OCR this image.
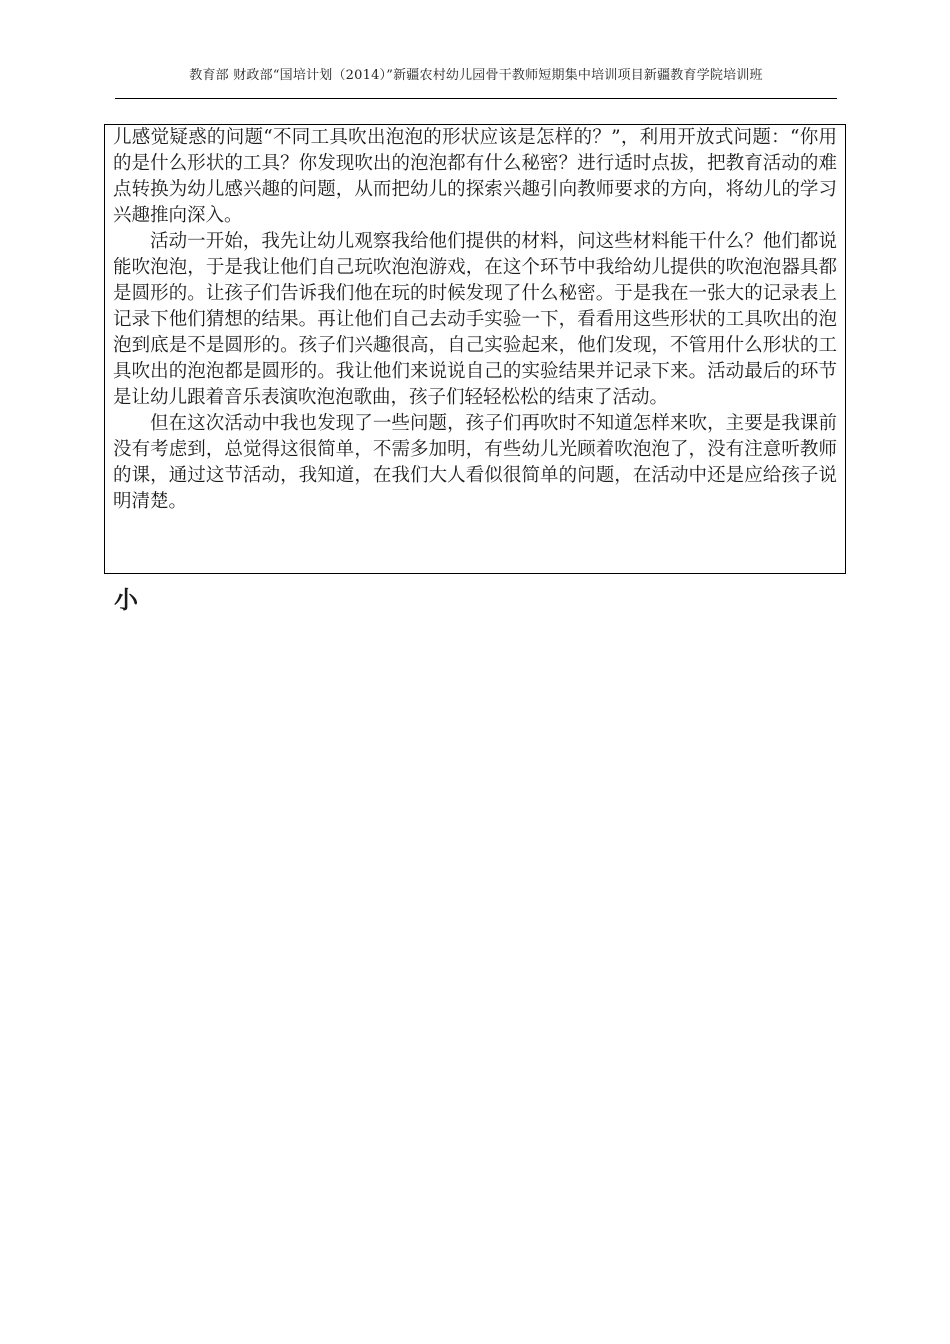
教育部 财政部“国培计划（2014）”新疆农村幼儿园骨干教师短期集中培训项目新疆教育学院培训班

儿感觉疑惑的问题“不同工具吹出泡泡的形状应该是怎样的？”，利用开放式问题：“你用的是什么形状的工具？你发现吹出的泡泡都有什么秘密？进行适时点拔，把教育活动的难点转换为幼儿感兴趣的问题，从而把幼儿的探索兴趣引向教师要求的方向，将幼儿的学习兴趣推向深入。

活动一开始，我先让幼儿观察我给他们提供的材料，问这些材料能干什么？他们都说能吹泡泡，于是我让他们自己玩吹泡泡游戏，在这个环节中我给幼儿提供的吹泡泡器具都是圆形的。让孩子们告诉我们他在玩的时候发现了什么秘密。于是我在一张大的记录表上记录下他们猜想的结果。再让他们自己去动手实验一下，看看用这些形状的工具吹出的泡泡到底是不是圆形的。孩子们兴趣很高，自己实验起来，他们发现，不管用什么形状的工具吹出的泡泡都是圆形的。我让他们来说说自己的实验结果并记录下来。活动最后的环节是让幼儿跟着音乐表演吹泡泡歌曲，孩子们轻轻松松的结束了活动。

但在这次活动中我也发现了一些问题，孩子们再吹时不知道怎样来吹，主要是我课前没有考虑到，总觉得这很简单，不需多加明，有些幼儿光顾着吹泡泡了，没有注意听教师的课，通过这节活动，我知道，在我们大人看似很简单的问题，在活动中还是应给孩子说明清楚。

小
